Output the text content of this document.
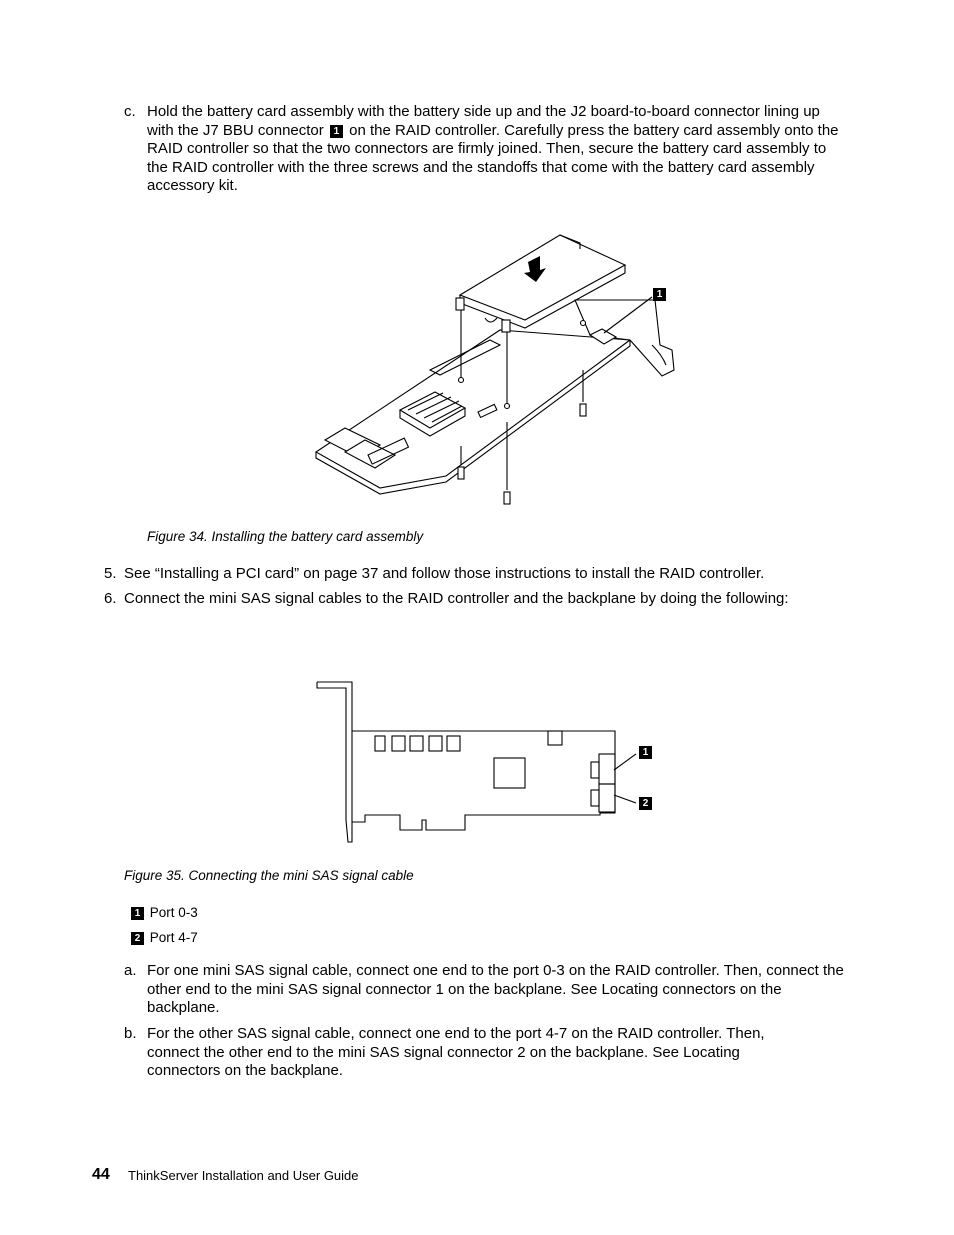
c. Hold the battery card assembly with the battery side up and the J2 board-to-board connector lining up with the J7 BBU connector 1 on the RAID controller. Carefully press the battery card assembly onto the RAID controller so that the two connectors are firmly joined. Then, secure the battery card assembly to the RAID controller with the three screws and the standoffs that come with the battery card assembly accessory kit.
1
Figure 34. Installing the battery card assembly
5. See “Installing a PCI card” on page 37 and follow those instructions to install the RAID controller.
6. Connect the mini SAS signal cables to the RAID controller and the backplane by doing the following:
1
2
Figure 35. Connecting the mini SAS signal cable
1 Port 0-3
2 Port 4-7
a. For one mini SAS signal cable, connect one end to the port 0-3 on the RAID controller. Then, connect the other end to the mini SAS signal connector 1 on the backplane. See Locating connectors on the backplane.
b. For the other SAS signal cable, connect one end to the port 4-7 on the RAID controller. Then, connect the other end to the mini SAS signal connector 2 on the backplane. See Locating connectors on the backplane.
44 ThinkServer Installation and User Guide
